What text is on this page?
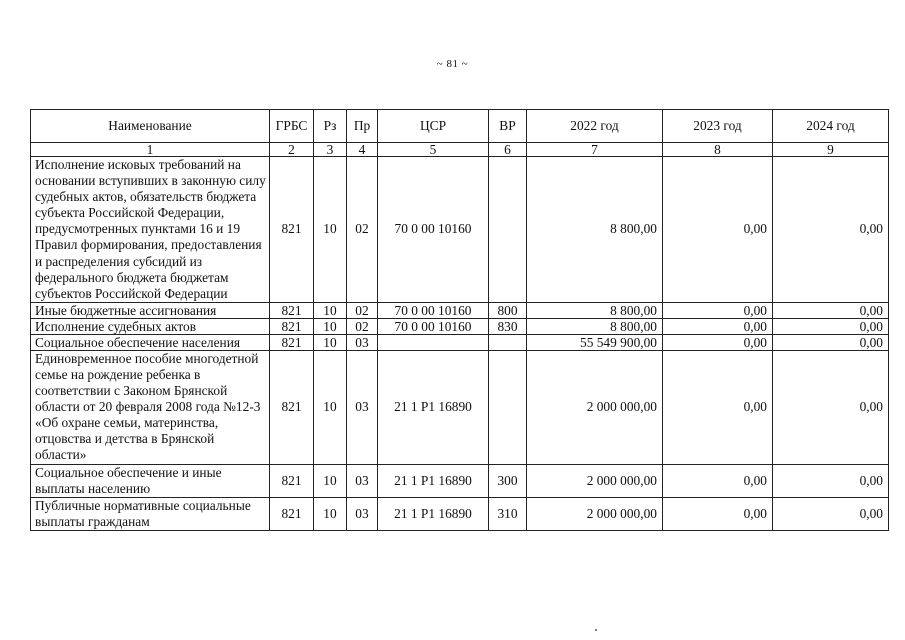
~ 81 ~
Наименование	ГРБС	Рз	Пр	ЦСР	ВР	2022 год	2023 год	2024 год
1	2	3	4	5	6	7	8	9
Исполнение исковых требований на основании вступивших в законную силу судебных актов, обязательств бюджета субъекта Российской Федерации, предусмотренных пунктами 16 и 19 Правил формирования, предоставления и распределения субсидий из федерального бюджета бюджетам субъектов Российской Федерации	821	10	02	70 0 00 10160		8 800,00	0,00	0,00
Иные бюджетные ассигнования	821	10	02	70 0 00 10160	800	8 800,00	0,00	0,00
Исполнение судебных актов	821	10	02	70 0 00 10160	830	8 800,00	0,00	0,00
Социальное обеспечение населения	821	10	03			55 549 900,00	0,00	0,00
Единовременное пособие многодетной семье на рождение ребенка в соответствии с Законом Брянской области от 20 февраля 2008 года №12-3 «Об охране семьи, материнства, отцовства и детства в Брянской области»	821	10	03	21 1 Р1 16890		2 000 000,00	0,00	0,00
Социальное обеспечение и иные выплаты населению	821	10	03	21 1 Р1 16890	300	2 000 000,00	0,00	0,00
Публичные нормативные социальные выплаты гражданам	821	10	03	21 1 Р1 16890	310	2 000 000,00	0,00	0,00
